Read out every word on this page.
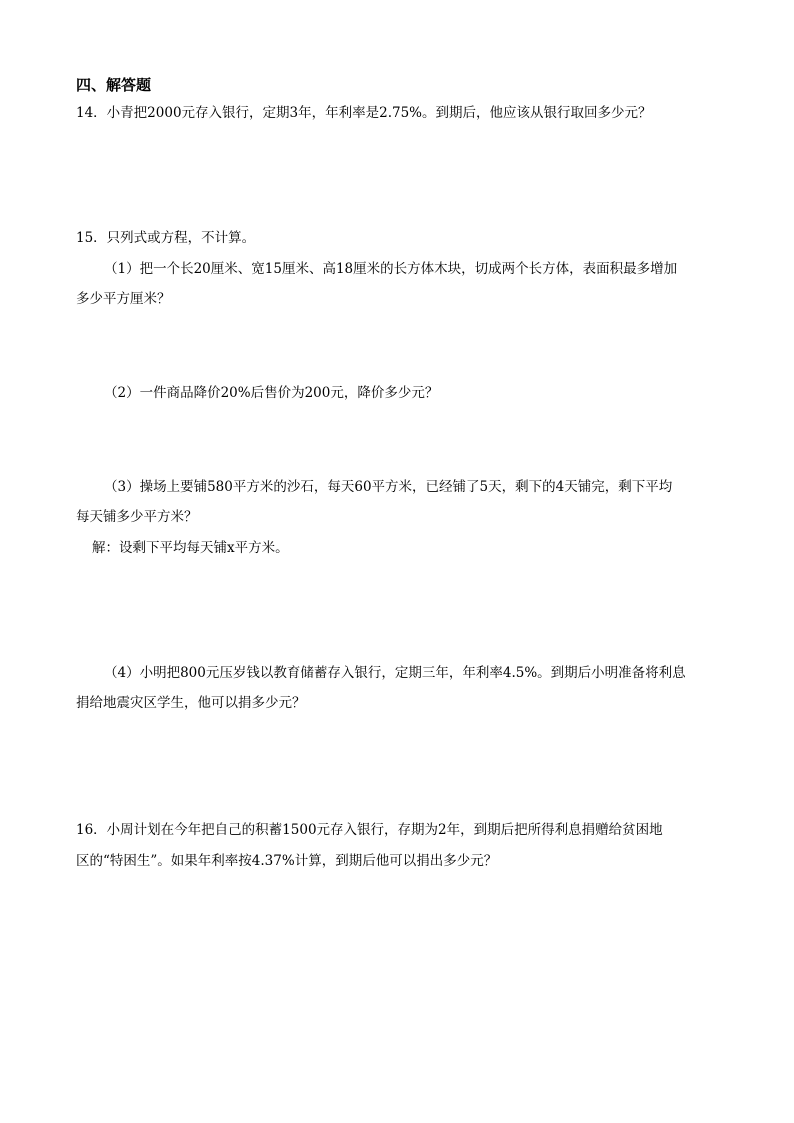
四、解答题
14．小青把2000元存入银行，定期3年，年利率是2.75%。到期后，他应该从银行取回多少元？
15．只列式或方程，不计算。
（1）把一个长20厘米、宽15厘米、高18厘米的长方体木块，切成两个长方体，表面积最多增加
多少平方厘米？
（2）一件商品降价20%后售价为200元，降价多少元？
（3）操场上要铺580平方米的沙石，每天60平方米，已经铺了5天，剩下的4天铺完，剩下平均
每天铺多少平方米？
解：设剩下平均每天铺x平方米。
（4）小明把800元压岁钱以教育储蓄存入银行，定期三年，年利率4.5%。到期后小明准备将利息
捐给地震灾区学生，他可以捐多少元？
16．小周计划在今年把自己的积蓄1500元存入银行，存期为2年，到期后把所得利息捐赠给贫困地
区的“特困生”。如果年利率按4.37%计算，到期后他可以捐出多少元？
